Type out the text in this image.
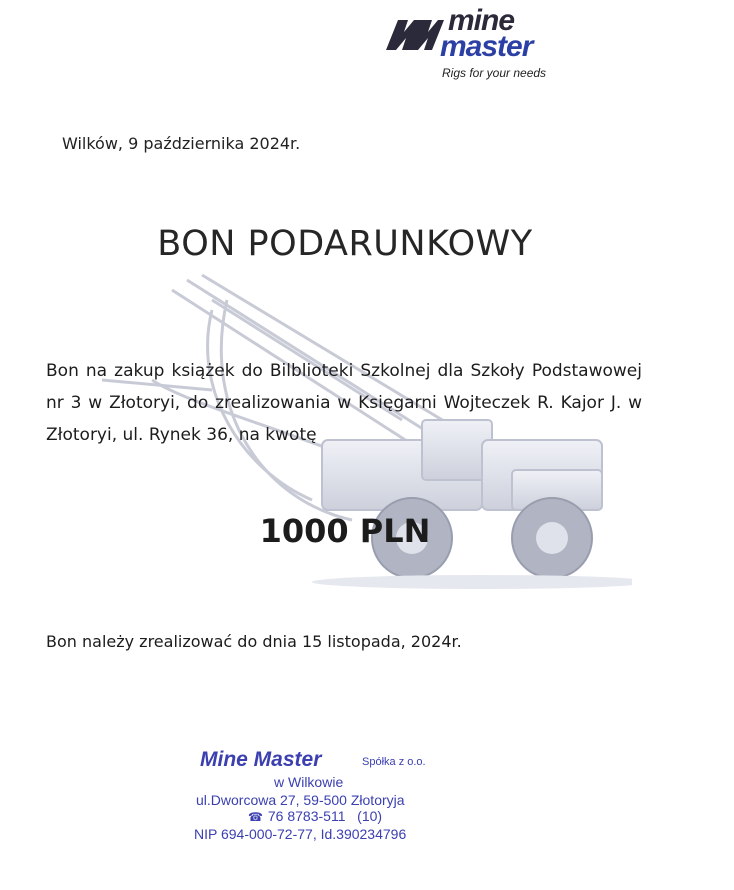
mine
master
Rigs for your needs
Wilków, 9 października 2024r.
BON PODARUNKOWY
Bon na zakup książek do Bilblioteki Szkolnej dla Szkoły Podstawowej nr 3 w Złotoryi, do zrealizowania w Księgarni Wojteczek R. Kajor J. w Złotoryi, ul. Rynek 36, na kwotę
1000 PLN
Bon należy zrealizować do dnia 15 listopada, 2024r.
Mine Master	Spółka z o.o.
w Wilkowie
ul.Dworcowa 27, 59-500 Złotoryja
☎ 76 8783-511 (10)
NIP 694-000-72-77, Id.390234796
